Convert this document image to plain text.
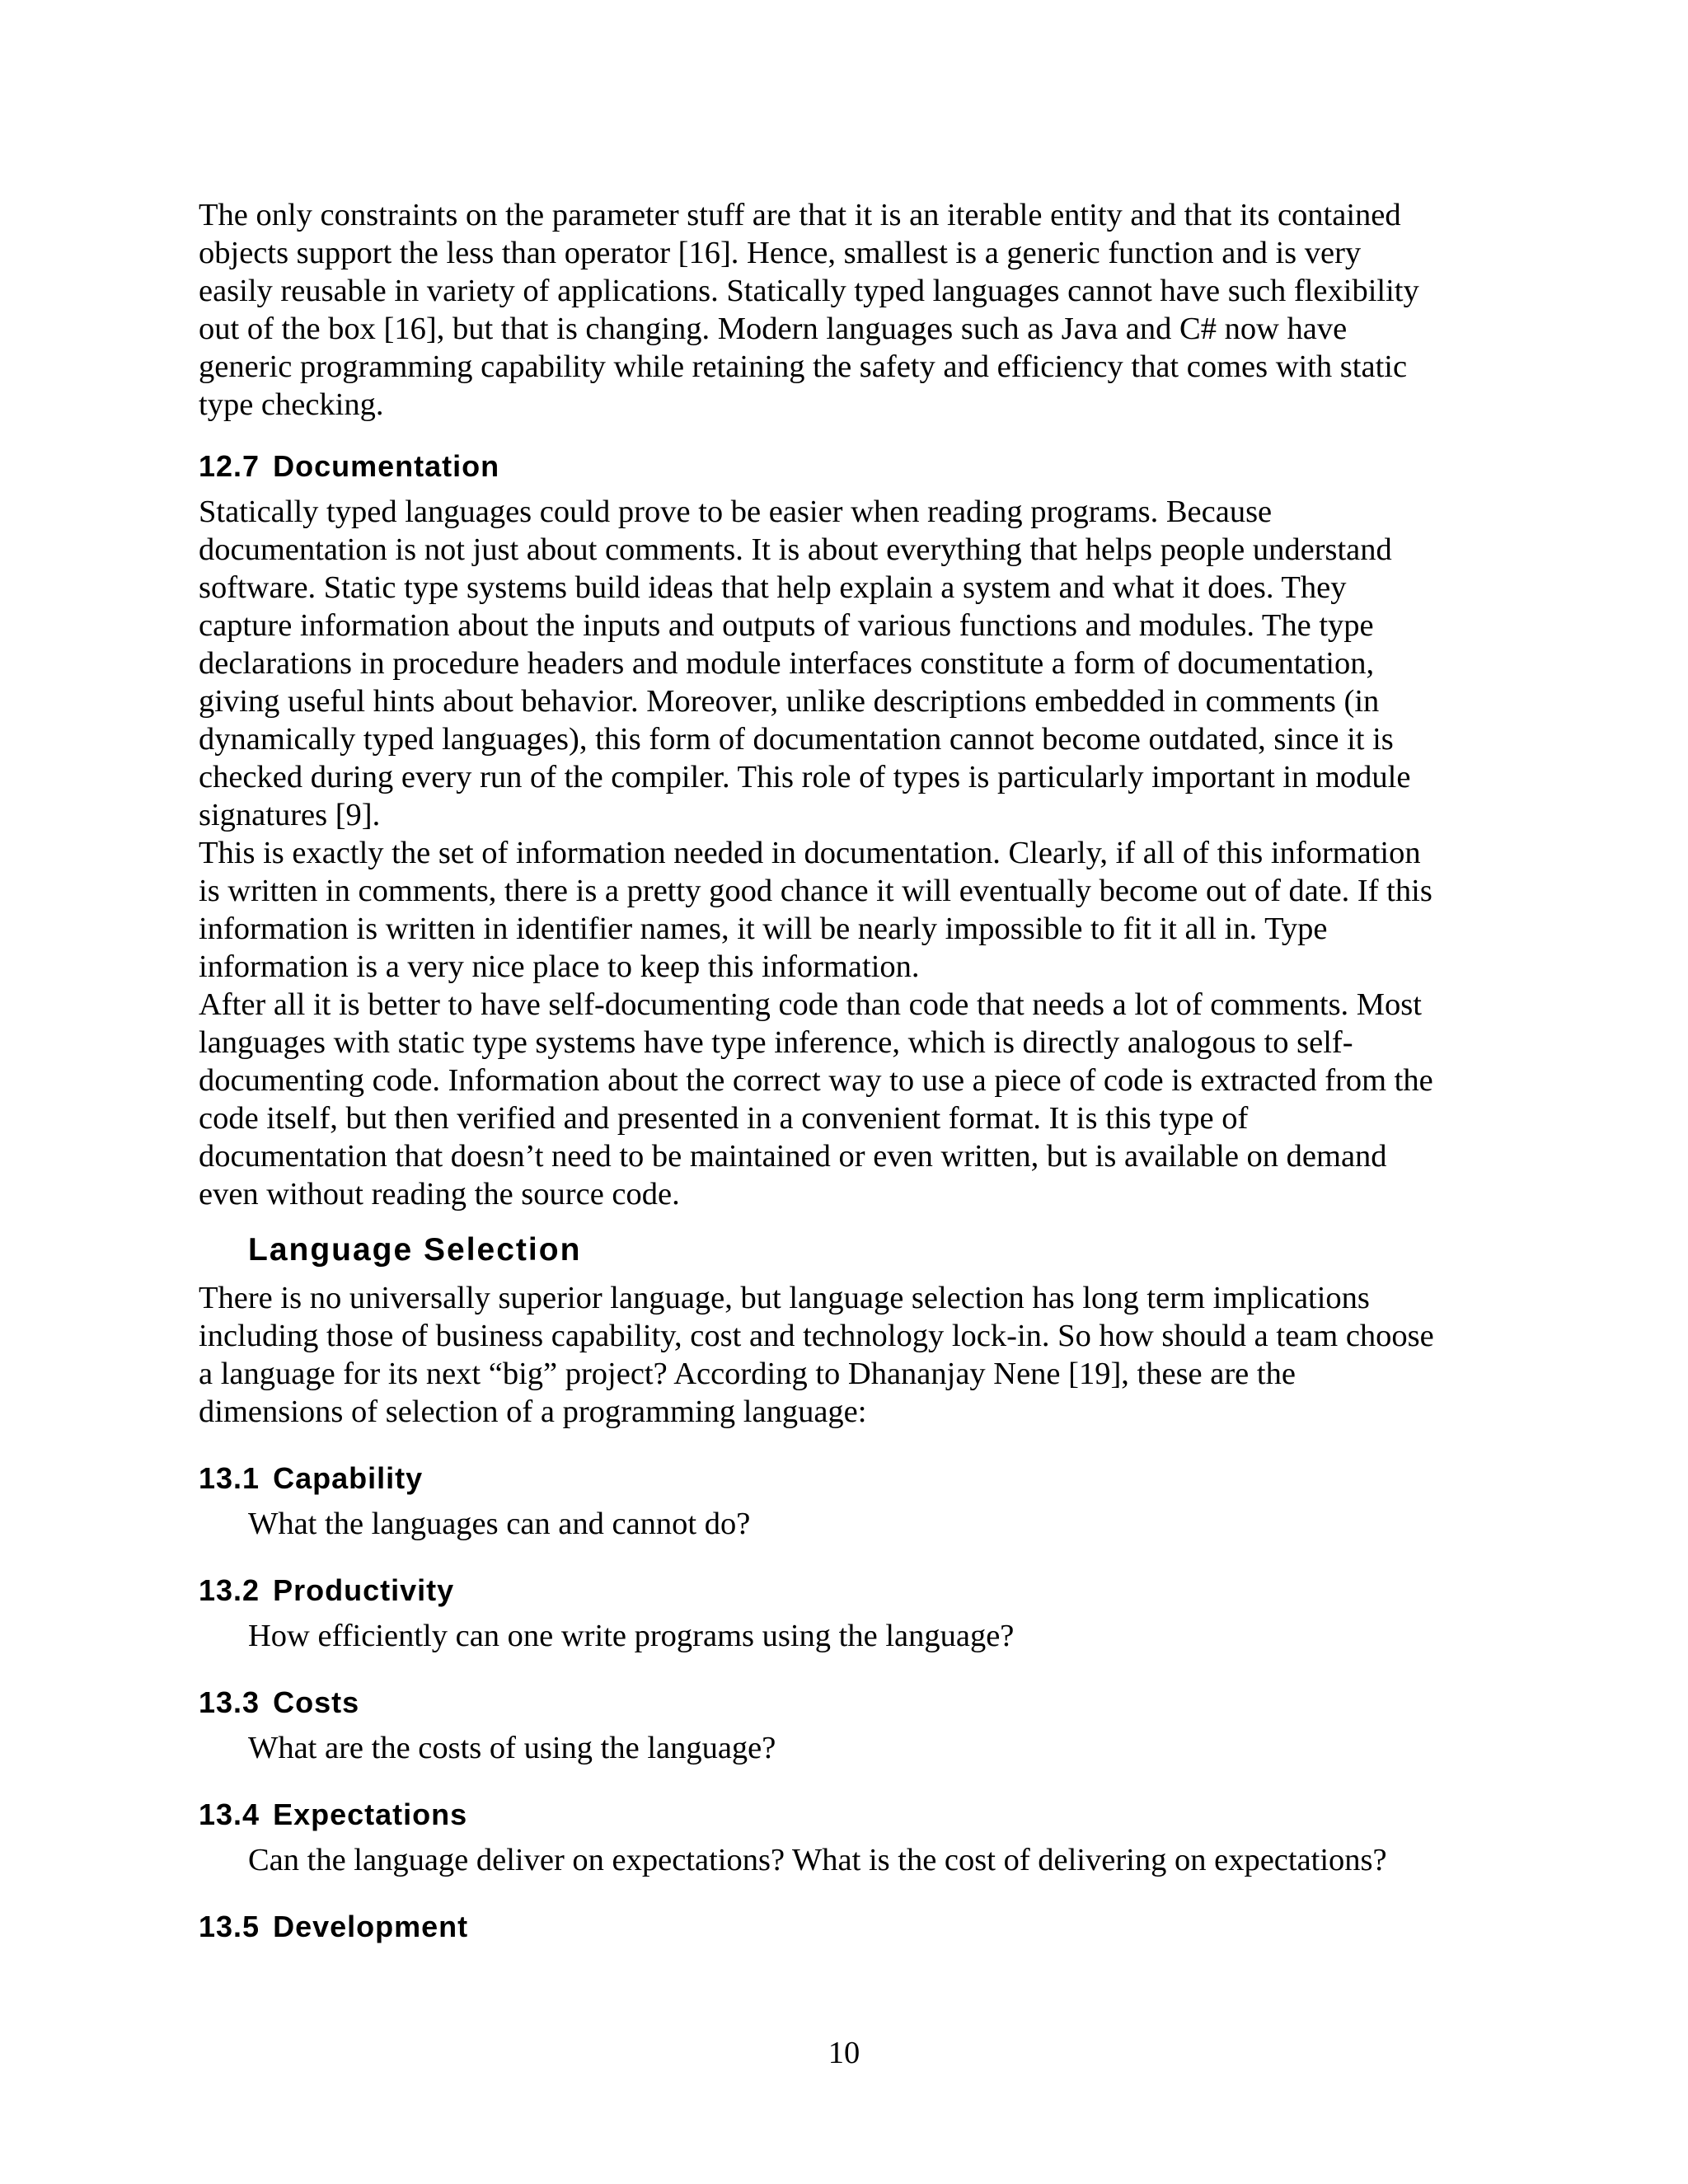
The only constraints on the parameter stuff are that it is an iterable entity and that its contained
objects support the less than operator [16]. Hence, smallest is a generic function and is very
easily reusable in variety of applications. Statically typed languages cannot have such flexibility
out of the box [16], but that is changing. Modern languages such as Java and C# now have
generic programming capability while retaining the safety and efficiency that comes with static
type checking.

12.7 Documentation

Statically typed languages could prove to be easier when reading programs. Because
documentation is not just about comments. It is about everything that helps people understand
software. Static type systems build ideas that help explain a system and what it does. They
capture information about the inputs and outputs of various functions and modules. The type
declarations in procedure headers and module interfaces constitute a form of documentation,
giving useful hints about behavior. Moreover, unlike descriptions embedded in comments (in
dynamically typed languages), this form of documentation cannot become outdated, since it is
checked during every run of the compiler. This role of types is particularly important in module
signatures [9].

This is exactly the set of information needed in documentation. Clearly, if all of this information
is written in comments, there is a pretty good chance it will eventually become out of date. If this
information is written in identifier names, it will be nearly impossible to fit it all in. Type
information is a very nice place to keep this information.

After all it is better to have self-documenting code than code that needs a lot of comments. Most
languages with static type systems have type inference, which is directly analogous to self-
documenting code. Information about the correct way to use a piece of code is extracted from the
code itself, but then verified and presented in a convenient format. It is this type of
documentation that doesn’t need to be maintained or even written, but is available on demand
even without reading the source code.

Language Selection

There is no universally superior language, but language selection has long term implications
including those of business capability, cost and technology lock-in. So how should a team choose
a language for its next “big” project? According to Dhananjay Nene [19], these are the
dimensions of selection of a programming language:

13.1 Capability

What the languages can and cannot do?

13.2 Productivity

How efficiently can one write programs using the language?

13.3 Costs

What are the costs of using the language?

13.4 Expectations

Can the language deliver on expectations? What is the cost of delivering on expectations?

13.5 Development
10
